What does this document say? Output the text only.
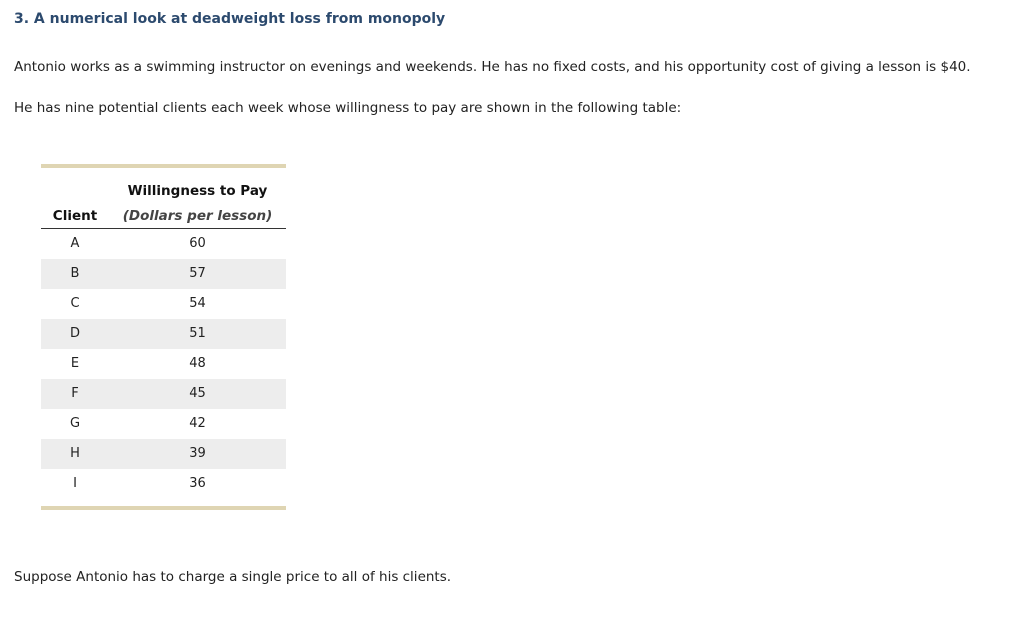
3. A numerical look at deadweight loss from monopoly
Antonio works as a swimming instructor on evenings and weekends. He has no fixed costs, and his opportunity cost of giving a lesson is $40.
He has nine potential clients each week whose willingness to pay are shown in the following table:
Willingness to Pay
Client	(Dollars per lesson)
A	60
B	57
C	54
D	51
E	48
F	45
G	42
H	39
I	36
Suppose Antonio has to charge a single price to all of his clients.
